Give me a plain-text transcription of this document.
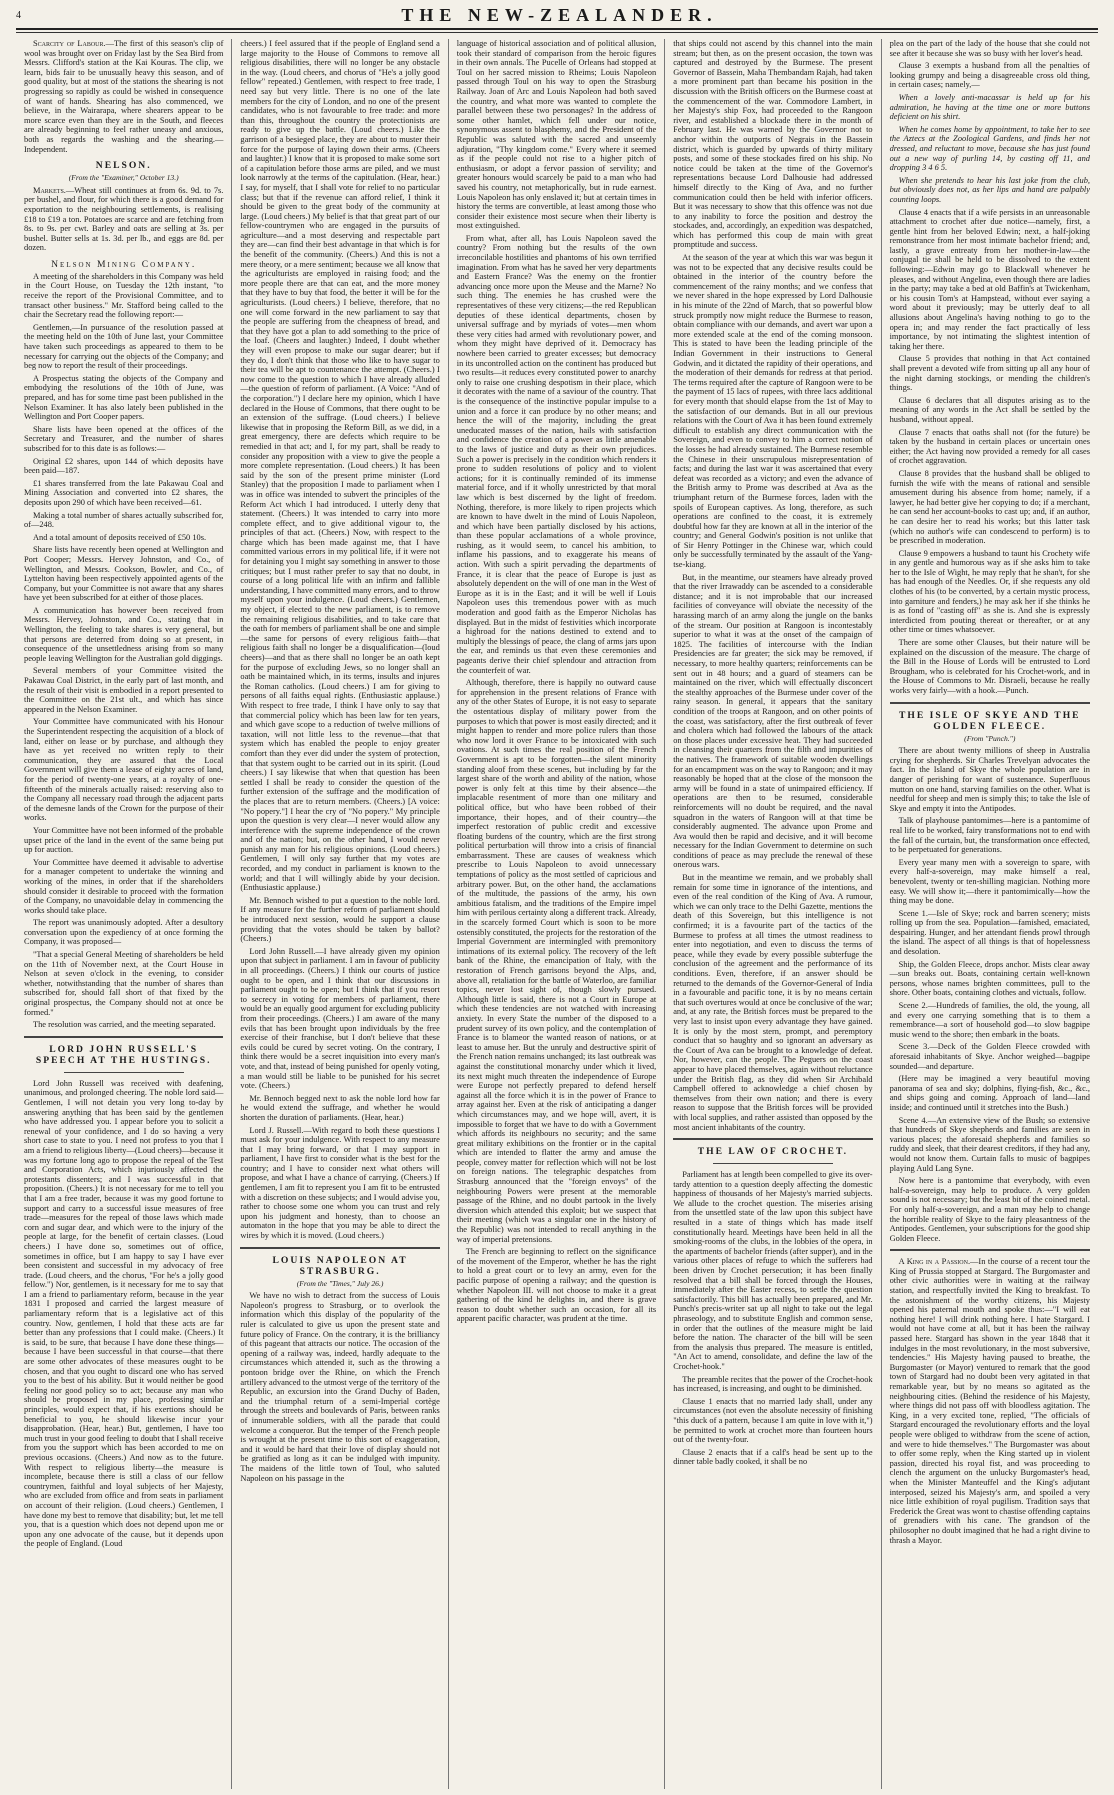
4	THE NEW-ZEALANDER.

Scarcity of Labour.—The first of this season's clip of wool was brought over on Friday last by the Sea Bird from Messrs. Clifford's station at the Kai Kouras. The clip, we learn, bids fair to be unusually heavy this season, and of good quality, but at most of the stations the shearing is not progressing so rapidly as could be wished in consequence of want of hands. Shearing has also commenced, we believe, in the Wairarapa, where shearers appear to be more scarce even than they are in the South, and fleeces are already beginning to feel rather uneasy and anxious, both as regards the washing and the shearing.—Independent.

NELSON.
(From the "Examiner," October 13.)

Markets.—Wheat still continues at from 6s. 9d. to 7s. per bushel, and flour, for which there is a good demand for exportation to the neighbouring settlements, is realising £18 to £19 a ton. Potatoes are scarce and are fetching from 8s. to 9s. per cwt. Barley and oats are selling at 3s. per bushel. Butter sells at 1s. 3d. per lb., and eggs are 8d. per dozen.

Nelson Mining Company.

A meeting of the shareholders in this Company was held in the Court House, on Tuesday the 12th instant, "to receive the report of the Provisional Committee, and to transact other business." Mr. Stafford being called to the chair the Secretary read the following report:—

Gentlemen,—In pursuance of the resolution passed at the meeting held on the 10th of June last, your Committee have taken such proceedings as appeared to them to be necessary for carrying out the objects of the Company; and beg now to report the result of their proceedings.

A Prospectus stating the objects of the Company and embodying the resolutions of the 10th of June, was prepared, and has for some time past been published in the Nelson Examiner. It has also lately been published in the Wellington and Port Cooper papers.

Share lists have been opened at the offices of the Secretary and Treasurer, and the number of shares subscribed for to this date is as follows:—

Original £2 shares, upon 144 of which deposits have been paid—187.

£1 shares transferred from the late Pakawau Coal and Mining Association and converted into £2 shares, the deposits upon 290 of which have been received—61.

Making a total number of shares actually subscribed for, of—248.

And a total amount of deposits received of £50 10s.

Share lists have recently been opened at Wellington and Port Cooper; Messrs. Hervey Johnston, and Co., of Wellington, and Messrs. Cookson, Bowler, and Co., of Lyttelton having been respectively appointed agents of the Company, but your Committee is not aware that any shares have yet been subscribed for at either of those places.

A communication has however been received from Messrs. Hervey, Johnston, and Co., stating that in Wellington, the feeling to take shares is very general, but that persons are deterred from doing so at present, in consequence of the unsettledness arising from so many people leaving Wellington for the Australian gold diggings.

Several members of your Committee visited the Pakawau Coal District, in the early part of last month, and the result of their visit is embodied in a report presented to the Committee on the 21st ult., and which has since appeared in the Nelson Examiner.

Your Committee have communicated with his Honour the Superintendent respecting the acquisition of a block of land, either on lease or by purchase, and although they have as yet received no written reply to their communication, they are assured that the Local Government will give them a lease of eighty acres of land, for the period of twenty-one years, at a royalty of one-fifteenth of the minerals actually raised: reserving also to the Company all necessary road through the adjacent parts of the demesne lands of the Crown for the purpose of their works.

Your Committee have not been informed of the probable upset price of the land in the event of the same being put up for auction.

Your Committee have deemed it advisable to advertise for a manager competent to undertake the winning and working of the mines, in order that if the shareholders should consider it desirable to proceed with the formation of the Company, no unavoidable delay in commencing the works should take place.

The report was unanimously adopted. After a desultory conversation upon the expediency of at once forming the Company, it was proposed—

"That a special General Meeting of shareholders be held on the 11th of November next, at the Court House in Nelson at seven o'clock in the evening, to consider whether, notwithstanding that the number of shares than subscribed for, should fall short of that fixed by the original prospectus, the Company should not at once be formed."

The resolution was carried, and the meeting separated.

LORD JOHN RUSSELL'S SPEECH AT THE HUSTINGS.

Lord John Russell was received with deafening, unanimous, and prolonged cheering. The noble lord said—Gentlemen, I will not detain you very long to-day by answering anything that has been said by the gentlemen who have addressed you. I appear before you to solicit a renewal of your confidence, and I do so having a very short case to state to you. I need not profess to you that I am a friend to religious liberty—(Loud cheers)—because it was my fortune long ago to propose the repeal of the Test and Corporation Acts, which injuriously affected the protestants dissenters; and I was successful in that proposition. (Cheers.) It is not necessary for me to tell you that I am a free trader, because it was my good fortune to support and carry to a successful issue measures of free trade—measures for the repeal of those laws which made corn and sugar dear, and which were to the injury of the people at large, for the benefit of certain classes. (Loud cheers.) I have done so, sometimes out of office, sometimes in office, but I am happy to say I have ever been consistent and successful in my advocacy of free trade. (Loud cheers, and the chorus, "For he's a jolly good fellow.") Nor, gentlemen, is it necessary for me to say that I am a friend to parliamentary reform, because in the year 1831 I proposed and carried the largest measure of parliamentary reform that is a legislative act of this country. Now, gentlemen, I hold that these acts are far better than any professions that I could make. (Cheers.) It is said, to be sure, that because I have done these things—because I have been successful in that course—that there are some other advocates of these measures ought to be chosen, and that you ought to discard one who has served you to the best of his ability. But it would neither be good feeling nor good policy so to act; because any man who should be proposed in my place, professing similar principles, would expect that, if his exertions should be beneficial to you, he should likewise incur your disapprobation. (Hear, hear.) But, gentlemen, I have too much trust in your good feeling to doubt that I shall receive from you the support which has been accorded to me on previous occasions. (Cheers.) And now as to the future. With respect to religious liberty—the measure is incomplete, because there is still a class of our fellow countrymen, faithful and loyal subjects of her Majesty, who are excluded from office and from seats in parliament on account of their religion. (Loud cheers.) Gentlemen, I have done my best to remove that disability; but, let me tell you, that is a question which does not depend upon me or upon any one advocate of the cause, but it depends upon the people of England. (Loud

cheers.) I feel assured that if the people of England send a large majority to the House of Commons to remove all religious disabilities, there will no longer be any obstacle in the way. (Loud cheers, and chorus of "He's a jolly good fellow" repeated.) Gentlemen, with respect to free trade, I need say but very little. There is no one of the late members for the city of London, and no one of the present candidates, who is not favourable to free trade: and more than this, throughout the country the protectionists are ready to give up the battle. (Loud cheers.) Like the garrison of a besieged place, they are about to muster their force for the purpose of laying down their arms. (Cheers and laughter.) I know that it is proposed to make some sort of a capitulation before those arms are piled, and we must look narrowly at the terms of the capitulation. (Hear, hear.) I say, for myself, that I shall vote for relief to no particular class; but that if the revenue can afford relief, I think it should be given to the great body of the community at large. (Loud cheers.) My belief is that that great part of our fellow-countrymen who are engaged in the pursuits of agriculture—and a most deserving and respectable part they are—can find their best advantage in that which is for the benefit of the community. (Cheers.) And this is not a mere theory, or a mere sentiment; because we all know that the agriculturists are employed in raising food; and the more people there are that can eat, and the more money that they have to buy that food, the better it will be for the agriculturists. (Loud cheers.) I believe, therefore, that no one will come forward in the new parliament to say that the people are suffering from the cheapness of bread, and that they have got a plan to add something to the price of the loaf. (Cheers and laughter.) Indeed, I doubt whether they will even propose to make our sugar dearer; but if they do, I don't think that those who like to have sugar to their tea will be apt to countenance the attempt. (Cheers.) I now come to the question to which I have already alluded—the question of reform of parliament. (A Voice: "And of the corporation.") I declare here my opinion, which I have declared in the House of Commons, that there ought to be an extension of the suffrage. (Loud cheers.) I believe likewise that in proposing the Reform Bill, as we did, in a great emergency, there are defects which require to be remedied in that act; and I, for my part, shall be ready to consider any proposition with a view to give the people a more complete representation. (Loud cheers.) It has been said by the son of the present prime minister (Lord Stanley) that the proposition I made to parliament when I was in office was intended to subvert the principles of the Reform Act which I had introduced. I utterly deny that statement. (Cheers.) It was intended to carry into more complete effect, and to give additional vigour to, the principles of that act. (Cheers.) Now, with respect to the charge which has been made against me, that I have committed various errors in my political life, if it were not for detaining you I might say something in answer to those critiques; but I must rather prefer to say that no doubt, in course of a long political life with an infirm and fallible understanding, I have committed many errors, and to throw myself upon your indulgence. (Loud cheers.) Gentlemen, my object, if elected to the new parliament, is to remove the remaining religious disabilities, and to take care that the oath for members of parliament shall be one and simple —the same for persons of every religious faith—that religious faith shall no longer be a disqualification—(loud cheers)—and that as there shall no longer be an oath kept for the purpose of excluding Jews, so no longer shall an oath be maintained which, in its terms, insults and injures the Roman catholics. (Loud cheers.) I am for giving to persons of all faiths equal rights. (Enthusiastic applause.) With respect to free trade, I think I have only to say that that commercial policy which has been law for ten years, and which gave scope to a reduction of twelve millions of taxation, will not little less to the revenue—that that system which has enabled the people to enjoy greater comfort than they ever did under the system of protection, that that system ought to be carried out in its spirit. (Loud cheers.) I say likewise that when that question has been settled I shall be ready to consider the question of the further extension of the suffrage and the modification of the places that are to return members. (Cheers.) [A voice: "No popery."] I hear the cry of "No popery." My principle upon the question is very clear—I never would allow any interference with the supreme independence of the crown and of the nation; but, on the other hand, I would never punish any man for his religious opinions. (Loud cheers.) Gentlemen, I will only say further that my votes are recorded, and my conduct in parliament is known to the world; and that I will willingly abide by your decision. (Enthusiastic applause.)

Mr. Bennoch wished to put a question to the noble lord. If any measure for the further reform of parliament should be introduced next session, would he support a clause providing that the votes should be taken by ballot? (Cheers.)

Lord John Russell.—I have already given my opinion upon that subject in parliament. I am in favour of publicity in all proceedings. (Cheers.) I think our courts of justice ought to be open, and I think that our discussions in parliament ought to be open; but I think that if you resort to secrecy in voting for members of parliament, there would be an equally good argument for excluding publicity from their proceedings. (Cheers.) I am aware of the many evils that has been brought upon individuals by the free exercise of their franchise, but I don't believe that these evils could be cured by secret voting. On the contrary, I think there would be a secret inquisition into every man's vote, and that, instead of being punished for openly voting, a man would still be liable to be punished for his secret vote. (Cheers.)

Mr. Bennoch begged next to ask the noble lord how far he would extend the suffrage, and whether he would shorten the duration of parliaments. (Hear, hear.)

Lord J. Russell.—With regard to both these questions I must ask for your indulgence. With respect to any measure that I may bring forward, or that I may support in parliament, I have first to consider what is the best for the country; and I have to consider next what others will propose, and what I have a chance of carrying. (Cheers.) If gentlemen, I am fit to represent you I am fit to be entrusted with a discretion on these subjects; and I would advise you, rather to choose some one whom you can trust and rely upon his judgment and honesty, than to choose an automaton in the hope that you may be able to direct the wires by which it is moved. (Loud cheers.)

LOUIS NAPOLEON AT STRASBURG.
(From the "Times," July 26.)

We have no wish to detract from the success of Louis Napoleon's progress to Strasburg, or to overlook the information which this display of the popularity of the ruler is calculated to give us upon the present state and future policy of France. On the contrary, it is the brilliancy of this pageant that attracts our notice. The occasion of the opening of a railway was, indeed, hardly adequate to the circumstances which attended it, such as the throwing a pontoon bridge over the Rhine, on which the French artillery advanced to the utmost verge of the territory of the Republic, an excursion into the Grand Duchy of Baden, and the triumphal return of a semi-Imperial cortège through the streets and boulevards of Paris, between ranks of innumerable soldiers, with all the parade that could welcome a conqueror. But the temper of the French people is wrought at the present time to this sort of exaggeration, and it would be hard that their love of display should not be gratified as long as it can be indulged with impunity. The maidens of the little town of Toul, who saluted Napoleon on his passage in the

language of historical association and of political allusion, took their standard of comparison from the heroic figures in their own annals. The Pucelle of Orleans had stopped at Toul on her sacred mission to Rheims; Louis Napoleon passed through Toul on his way to open the Strasburg Railway. Joan of Arc and Louis Napoleon had both saved the country, and what more was wanted to complete the parallel between these two personages? In the address of some other hamlet, which fell under our notice, synonymous assent to blasphemy, and the President of the Republic was saluted with the sacred and unseemly adjuration, "Thy kingdom come." Every where it seemed as if the people could not rise to a higher pitch of enthusiasm, or adopt a fervor passion of servility; and greater honours would scarcely be paid to a man who had saved his country, not metaphorically, but in rude earnest. Louis Napoleon has only enslaved it; but at certain times in history the terms are convertible, at least among those who consider their existence most secure when their liberty is most extinguished.

From what, after all, has Louis Napoleon saved the country? From nothing but the results of the own irreconcilable hostilities and phantoms of his own terrified imagination. From what has he saved her very departments and Eastern France? Was the enemy on the frontier advancing once more upon the Meuse and the Marne? No such thing. The enemies he has crushed were the representatives of these very citizens;—the red Republican deputies of these identical departments, chosen by universal suffrage and by myriads of votes—men whom these very cities had armed with revolutionary power, and whom they might have deprived of it. Democracy has nowhere been carried to greater excesses; but democracy in its uncontrolled action on the continent has produced but two results—it reduces every constituted power to anarchy only to raise one crushing despotism in their place, which it decorates with the name of a saviour of the country. That is the consequence of the instinctive popular impulse to a union and a force it can produce by no other means; and hence the will of the majority, including the great uneducated masses of the nation, hails with satisfaction and confidence the creation of a power as little amenable to the laws of justice and duty as their own prejudices. Such a power is precisely in the condition which renders it prone to sudden resolutions of policy and to violent actions; for it is continually reminded of its immense material force, and if it wholly unrestricted by that moral law which is best discerned by the light of freedom. Nothing, therefore, is more likely to ripen projects which are known to have dwelt in the mind of Louis Napoleon, and which have been partially disclosed by his actions, than these popular acclamations of a whole province, rushing, as it would seem, to cancel his ambition, to inflame his passions, and to exaggerate his means of action. With such a spirit pervading the departments of France, it is clear that the peace of Europe is just as absolutely dependent on the will of one man in the West of Europe as it is in the East; and it will be well if Louis Napoleon uses this tremendous power with as much moderation and good faith as the Emperor Nicholas has displayed. But in the midst of festivities which incorporate a highroad for the nations destined to extend and to multiply the blessings of peace, the clang of arms jars upon the ear, and reminds us that even these ceremonies and pageants derive their chief splendour and attraction from the counterfeit of war.

Although, therefore, there is happily no outward cause for apprehension in the present relations of France with any of the other States of Europe, it is not easy to separate the ostentatious display of military power from the purposes to which that power is most easily directed; and it might happen to render and more police rulers than those who now lord it over France to be intoxicated with such ovations. At such times the real position of the French Government is apt to be forgotten—the silent minority standing aloof from these scenes, but including by far the largest share of the worth and ability of the nation, whose power is only felt at this time by their absence—the implacable resentment of more than one military and political office, but who have been robbed of their importance, their hopes, and of their country—the imperfect restoration of public credit and excessive floating burdens of the country, which are the first strong political perturbation will throw into a crisis of financial embarrassment. These are causes of weakness which prescribe to Louis Napoleon to avoid unnecessary temptations of policy as the most settled of capricious and arbitrary power. But, on the other hand, the acclamations of the multitude, the passions of the army, his own ambitious fatalism, and the traditions of the Empire impel him with perilous certainty along a different track. Already, in the scarcely formed Court which is soon to be more ostensibly constituted, the projects for the restoration of the Imperial Government are intermingled with premonitory intimations of its external policy. The recovery of the left bank of the Rhine, the emancipation of Italy, with the restoration of French garrisons beyond the Alps, and, above all, retaliation for the battle of Waterloo, are familiar topics, never lost sight of, though slowly pursued. Although little is said, there is not a Court in Europe at which these tendencies are not watched with increasing anxiety. In every State the number of the disposed to a prudent survey of its own policy, and the contemplation of France is to blameor the wanted reason of nations, or at least to amuse her. But the unruly and destructive spirit of the French nation remains unchanged; its last outbreak was against the constitutional monarchy under which it lived, its next might much threaten the independence of Europe were Europe not perfectly prepared to defend herself against all the force which it is in the power of France to array against her. Even at the risk of anticipating a danger which circumstances may, and we hope will, avert, it is impossible to forget that we have to do with a Government which affords its neighbours no security; and the same great military exhibitions on the frontier or in the capital which are intended to flatter the army and amuse the people, convey matter for reflection which will not be lost on foreign nations. The telegraphic despatches from Strasburg announced that the "foreign envoys" of the neighbouring Powers were present at the memorable passage of the Rhine, and no doubt partook in the lively diversion which attended this exploit; but we suspect that their meeting (which was a singular one in the history of the Republic) was not intended to recall anything in the way of imperial pretensions.

The French are beginning to reflect on the significance of the movement of the Emperor, whether he has the right to hold a great court or to levy an army, even for the pacific purpose of opening a railway; and the question is whether Napoleon III. will not choose to make it a great gathering of the kind he delights in, and there is grave reason to doubt whether such an occasion, for all its apparent pacific character, was prudent at the time.

that ships could not ascend by this channel into the main stream; but then, as on the present occasion, the town was captured and destroyed by the Burmese. The present Governor of Bassein, Maha Thembandam Rajah, had taken a more prominent part than became his position in the discussion with the British officers on the Burmese coast at the commencement of the war. Commodore Lambert, in her Majesty's ship Fox, had proceeded to the Rangoon river, and established a blockade there in the month of February last. He was warned by the Governor not to anchor within the outports of Negrais in the Bassein district, which is guarded by upwards of thirty military posts, and some of these stockades fired on his ship. No notice could be taken at the time of the Governor's representations because Lord Dalhousie had addressed himself directly to the King of Ava, and no further communication could then be held with inferior officers. But it was necessary to show that this offence was not due to any inability to force the position and destroy the stockades, and, accordingly, an expedition was despatched, which has performed this coup de main with great promptitude and success.

At the season of the year at which this war was begun it was not to be expected that any decisive results could be obtained in the interior of the country before the commencement of the rainy months; and we confess that we never shared in the hope expressed by Lord Dalhousie in his minute of the 22nd of March, that so powerful blow struck promptly now might reduce the Burmese to reason, obtain compliance with our demands, and avert war upon a more extended scale at the end of the coming monsoon. This is stated to have been the leading principle of the Indian Government in their instructions to General Godwin, and it dictated the rapidity of their operations, and the moderation of their demands for redress at that period. The terms required after the capture of Rangoon were to be the payment of 15 lacs of rupees, with three lacs additional for every month that should elapse from the 1st of May to the satisfaction of our demands. But in all our previous relations with the Court of Ava it has been found extremely difficult to establish any direct communication with the Sovereign, and even to convey to him a correct notion of the losses he had already sustained. The Burmese resemble the Chinese in their unscrupulous misrepresentation of facts; and during the last war it was ascertained that every defeat was recorded as a victory; and even the advance of the British army to Prome was described at Ava as the triumphant return of the Burmese forces, laden with the spoils of European captives. As long, therefore, as such operations are confined to the coast, it is extremely doubtful how far they are known at all in the interior of the country; and General Godwin's position is not unlike that of Sir Henry Pottinger in the Chinese war, which could only be successfully terminated by the assault of the Yang-tse-kiang.

But, in the meantime, our steamers have already proved that the river Irrawaddy can be ascended to a considerable distance; and it is not improbable that our increased facilities of conveyance will obviate the necessity of the harassing march of an army along the jungle on the banks of the stream. Our position at Rangoon is incontestably superior to what it was at the onset of the campaign of 1825. The facilities of intercourse with the Indian Presidencies are far greater; the sick may be removed, if necessary, to more healthy quarters; reinforcements can be sent out in 48 hours; and a guard of steamers can be maintained on the river, which will effectually disconcert the stealthy approaches of the Burmese under cover of the rainy season. In general, it appears that the sanitary condition of the troops at Rangoon, and on other points of the coast, was satisfactory, after the first outbreak of fever and cholera which had followed the labours of the attack on those places under excessive heat. They had succeeded in cleansing their quarters from the filth and impurities of the natives. The framework of suitable wooden dwellings for an encampment was on the way to Rangoon; and it may reasonably be hoped that at the close of the monsoon the army will be found in a state of unimpaired efficiency. If operations are then to be resumed, considerable reinforcements will no doubt be required, and the naval squadron in the waters of Rangoon will at that time be considerably augmented. The advance upon Prome and Ava would then be rapid and decisive, and it will become necessary for the Indian Government to determine on such conditions of peace as may preclude the renewal of these onerous wars.

But in the meantime we remain, and we probably shall remain for some time in ignorance of the intentions, and even of the real condition of the King of Ava. A rumour, which we can only trace to the Delhi Gazette, mentions the death of this Sovereign, but this intelligence is not confirmed; it is a favourite part of the tactics of the Burmese to profess at all times the utmost readiness to enter into negotiation, and even to discuss the terms of peace, while they evade by every possible subterfuge the conclusion of the agreement and the performance of its conditions. Even, therefore, if an answer should be returned to the demands of the Governor-General of India in a favourable and pacific tone, it is by no means certain that such overtures would at once be conclusive of the war; and, at any rate, the British forces must be prepared to the very last to insist upon every advantage they have gained. It is only by the most stern, prompt, and peremptory conduct that so haughty and so ignorant an adversary as the Court of Ava can be brought to a knowledge of defeat. Nor, however, can the people. The Peguers on the coast appear to have placed themselves, again without reluctance under the British flag, as they did when Sir Archibald Campbell offered to acknowledge a chief chosen by themselves from their own nation; and there is every reason to suppose that the British forces will be provided with local supplies, and rather assisted than opposed by the most ancient inhabitants of the country.

THE LAW OF CROCHET.

Parliament has at length been compelled to give its over-tardy attention to a question deeply affecting the domestic happiness of thousands of her Majesty's married subjects. We allude to the crochet question. The miseries arising from the unsettled state of the law upon this subject have resulted in a state of things which has made itself constitutionally heard. Meetings have been held in all the smoking-rooms of the clubs, in the lobbies of the opera, in the apartments of bachelor friends (after supper), and in the various other places of refuge to which the sufferers had been driven by Crochet persecution; it has been finally resolved that a bill shall be forced through the Houses, immediately after the Easter recess, to settle the question satisfactorily. This bill has actually been prepared, and Mr. Punch's precis-writer sat up all night to take out the legal phraseology, and to substitute English and common sense, in order that the outlines of the measure might be laid before the nation. The character of the bill will be seen from the analysis thus prepared. The measure is entitled, "An Act to amend, consolidate, and define the law of the Crochet-hook."

The preamble recites that the power of the Crochet-hook has increased, is increasing, and ought to be diminished.

Clause 1 enacts that no married lady shall, under any circumstances (not even the absolute necessity of finishing "this duck of a pattern, because I am quite in love with it,") be permitted to work at crochet more than fourteen hours out of the twenty-four.

Clause 2 enacts that if a calf's head be sent up to the dinner table badly cooked, it shall be no

plea on the part of the lady of the house that she could not see after it because she was so busy with her lover's head.

Clause 3 exempts a husband from all the penalties of looking grumpy and being a disagreeable cross old thing, in certain cases; namely,—

When a lovely anti-macassar is held up for his admiration, he having at the time one or more buttons deficient on his shirt.

When he comes home by appointment, to take her to see the Aztecs at the Zoological Gardens, and finds her not dressed, and reluctant to move, because she has just found out a new way of purling 14, by casting off 11, and dropping 3 4 6 5.

When she pretends to hear his last joke from the club, but obviously does not, as her lips and hand are palpably counting loops.

Clause 4 enacts that if a wife persists in an unreasonable attachment to crochet after due notice—namely, first, a gentle hint from her beloved Edwin; next, a half-joking remonstrance from her most intimate bachelor friend; and, lastly, a grave entreaty from her mother-in-law—the conjugal tie shall be held to be dissolved to the extent following:—Edwin may go to Blackwall whenever he pleases, and without Angelina, even though there are ladies in the party; may take a bed at old Baffin's at Twickenham, or his cousin Tom's at Hampstead, without ever saying a word about it previously; may be utterly deaf to all allusions about Angelina's having nothing to go to the opera in; and may render the fact practically of less importance, by not intimating the slightest intention of taking her there.

Clause 5 provides that nothing in that Act contained shall prevent a devoted wife from sitting up all any hour of the night darning stockings, or mending the children's things.

Clause 6 declares that all disputes arising as to the meaning of any words in the Act shall be settled by the husband, without appeal.

Clause 7 enacts that oaths shall not (for the future) be taken by the husband in certain places or uncertain ones either; the Act having now provided a remedy for all cases of crochet aggravation.

Clause 8 provides that the husband shall be obliged to furnish the wife with the means of rational and sensible amusement during his absence from home; namely, if a lawyer, he had better give her copying to do; if a merchant, he can send her account-books to cast up; and, if an author, he can desire her to read his works; but this latter task (which no author's wife can condescend to perform) is to be prescribed in moderation.

Clause 9 empowers a husband to taunt his Crochety wife in any gentle and humorous way as if she asks him to take her to the Isle of Wight, he may reply that he shan't, for she has had enough of the Needles. Or, if she requests any old clothes of his (to be converted, by a certain mystic process, into garniture and fenders,) he may ask her if she thinks he is as fond of "casting off" as she is. And she is expressly interdicted from pouting thereat or thereafter, or at any other time or times whatsoever.

There are some other Clauses, but their nature will be explained on the discussion of the measure. The charge of the Bill in the House of Lords will be entrusted to Lord Brougham, who is celebrated for his Crochet-work, and in the House of Commons to Mr. Disraeli, because he really works very fairly—with a hook.—Punch.

THE ISLE OF SKYE AND THE GOLDEN FLEECE.
(From "Punch.")

There are about twenty millions of sheep in Australia crying for shepherds. Sir Charles Trevelyan advocates the fact. In the Island of Skye the whole population are in danger of perishing for want of sustenance. Superfluous mutton on one hand, starving families on the other. What is needful for sheep and men is simply this; to take the Isle of Skye and empty it into the Antipodes.

Talk of playhouse pantomimes—here is a pantomime of real life to be worked, fairy transformations not to end with the fall of the curtain, but, the transformation once effected, to be perpetuated for generations.

Every year many men with a sovereign to spare, with every half-a-sovereign, may make himself a real, benevolent, twenty or ten-shilling magician. Nothing more easy. We will show it;—there it pantomimically—how the thing may be done.

Scene 1.—Isle of Skye; rock and barren scenery; mists rolling up from the sea. Population—famished, emaciated, despairing. Hunger, and her attendant fiends prowl through the island. The aspect of all things is that of hopelessness and desolation.

Ship, the Golden Fleece, drops anchor. Mists clear away—sun breaks out. Boats, containing certain well-known persons, whose names brighten committees, pull to the shore. Other boats, containing clothes and victuals, follow.

Scene 2.—Hundreds of families, the old, the young, all and every one carrying something that is to them a remembrance—a sort of household god—to slow bagpipe music wend to the shore; then embark in the boats.

Scene 3.—Deck of the Golden Fleece crowded with aforesaid inhabitants of Skye. Anchor weighed—bagpipe sounded—and departure.

(Here may be imagined a very beautiful moving panorama of sea and sky; dolphins, flying-fish, &c., &c., and ships going and coming. Approach of land—land inside; and continued until it stretches into the Bush.)

Scene 4.—An extensive view of the Bush; so extensive that hundreds of Skye shepherds and families are seen in various places; the aforesaid shepherds and families so ruddy and sleek, that their dearest creditors, if they had any, would not know them. Curtain falls to music of bagpipes playing Auld Lang Syne.

Now here is a pantomime that everybody, with even half-a-sovereign, may help to produce. A very golden sound is not necessary; but the least bit of the coined metal. For only half-a-sovereign, and a man may help to change the horrible reality of Skye to the fairy pleasantness of the Antipodes. Gentlemen, your subscriptions for the good ship Golden Fleece.

A King in a Passion.—In the course of a recent tour the King of Prussia stopped at Stargard. The Burgomaster and other civic authorities were in waiting at the railway station, and respectfully invited the King to breakfast. To the astonishment of the worthy citizens, his Majesty opened his paternal mouth and spoke thus:—"I will eat nothing here! I will drink nothing here. I hate Stargard. I would not have come at all, but it has been the railway passed here. Stargard has shown in the year 1848 that it indulges in the most revolutionary, in the most subversive, tendencies." His Majesty having paused to breathe, the Burgomaster (or Mayor) ventured to remark that the good town of Stargard had no doubt been very agitated in that remarkable year, but by no means so agitated as the neighbouring cities. (Behind the residence of his Majesty, where things did not pass off with bloodless agitation. The King, in a very excited tone, replied, "The officials of Stargard encouraged the revolutionary efforts and the loyal people were obliged to withdraw from the scene of action, and were to hide themselves." The Burgomaster was about to offer some reply, when the King started up in violent passion, directed his royal fist, and was proceeding to clench the argument on the unlucky Burgomaster's head, when the Minister Manteuffel and the King's adjutant interposed, seized his Majesty's arm, and spoiled a very nice little exhibition of royal pugilism. Tradition says that Frederick the Great was wont to chastise offending captains of grenadiers with his cane. The grandson of the philosopher no doubt imagined that he had a right divine to thrash a Mayor.
